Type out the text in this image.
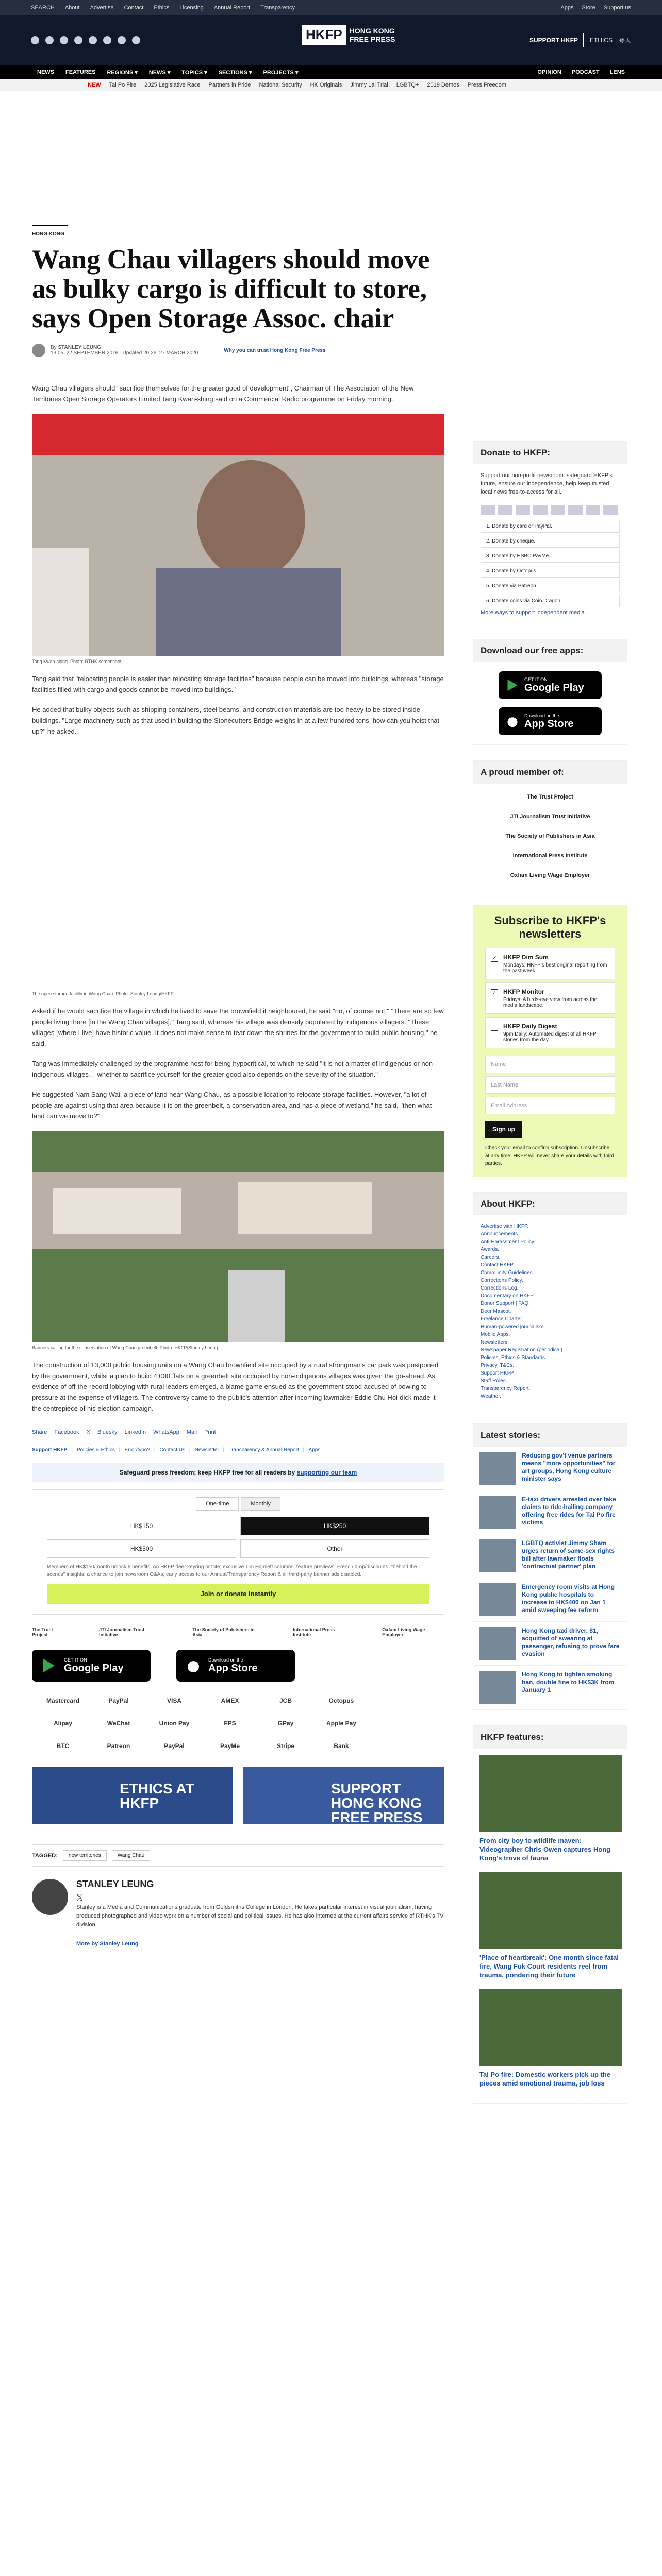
SEARCH About Advertise Contact Ethics Licensing Annual Report Transparency	Apps Store Support us
HKFP	HONG KONG
FREE PRESS	SUPPORT HKFP	ETHICS 登入
NEWS FEATURES REGIONS ▾ NEWS ▾ TOPICS ▾ SECTIONS ▾ PROJECTS ▾	OPINION PODCAST LENS
NEW Tai Po Fire 2025 Legislative Race Partners in Pride National Security HK Originals Jimmy Lai Trial LGBTQ+ 2019 Demos Press Freedom
HONG KONG
Wang Chau villagers should move as bulky cargo is difficult to store, says Open Storage Assoc. chair
By STANLEY LEUNG
13:05, 22 SEPTEMBER 2016 Updated 20:26, 27 MARCH 2020	Why you can trust Hong Kong Free Press

Wang Chau villagers should "sacrifice themselves for the greater good of development", Chairman of The Association of the New Territories Open Storage Operators Limited Tang Kwan-shing said on a Commercial Radio programme on Friday morning.

Tang Kwan-shing. Photo: RTHK screenshot.

Tang said that "relocating people is easier than relocating storage facilities" because people can be moved into buildings, whereas "storage facilities filled with cargo and goods cannot be moved into buildings."

He added that bulky objects such as shipping containers, steel beams, and construction materials are too heavy to be stored inside buildings. "Large machinery such as that used in building the Stonecutters Bridge weighs in at a few hundred tons, how can you hoist that up?" he asked.

The open storage facility in Wang Chau. Photo: Stanley Leung/HKFP.

Asked if he would sacrifice the village in which he lived to save the brownfield it neighboured, he said "no, of course not." "There are so few people living there [in the Wang Chau villages]," Tang said, whereas his village was densely populated by indigenous villagers. "These villages [where I live] have historic value. It does not make sense to tear down the shrines for the government to build public housing," he said.

Tang was immediately challenged by the programme host for being hypocritical, to which he said "it is not a matter of indigenous or non-indigenous villages… whether to sacrifice yourself for the greater good also depends on the severity of the situation."

He suggested Nam Sang Wai, a piece of land near Wang Chau, as a possible location to relocate storage facilities. However, "a lot of people are against using that area because it is on the greenbelt, a conservation area, and has a piece of wetland," he said, "then what land can we move to?"

Banners calling for the conservation of Wang Chau greenbelt. Photo: HKFP/Stanley Leung.

The construction of 13,000 public housing units on a Wang Chau brownfield site occupied by a rural strongman's car park was postponed by the government, whilst a plan to build 4,000 flats on a greenbelt site occupied by non-indigenous villages was given the go-ahead. As evidence of off-the-record lobbying with rural leaders emerged, a blame game ensued as the government stood accused of bowing to pressure at the expense of villagers. The controversy came to the public's attention after incoming lawmaker Eddie Chu Hoi-dick made it the centrepiece of his election campaign.

Share Facebook X Bluesky LinkedIn WhatsApp Mail Print
Support HKFP | Policies & Ethics | Error/typo? | Contact Us | Newsletter | Transparency & Annual Report | Apps
Safeguard press freedom; keep HKFP free for all readers by supporting our team
One-time	Monthly
HK$150	HK$250
HK$500	Other
Members of HK$150/month unlock 6 benefits: An HKFP deer keyring or tote; exclusive Tim Hamlett columns; feature previews; French drop/discounts; "behind the scenes" insights; a chance to join newsroom Q&As; early access to our Annual/Transparency Report & all third-party banner ads disabled.
Join or donate instantly
The Trust Project
JTI Journalism Trust Initiative
The Society of Publishers in Asia
International Press Institute
Oxfam Living Wage Employer
GET IT ON
Google Play
Download on the
App Store
Mastercard	PayPal	VISA	AMEX	JCB	Octopus
Alipay	WeChat	Union Pay	FPS	GPay	Apple Pay
BTC	Patreon	PayPal	PayMe	Stripe	Bank
ETHICS AT HKFP
SUPPORT HONG KONG FREE PRESS
TAGGED:	new territories	Wang Chau
STANLEY LEUNG
𝕏

Stanley is a Media and Communications graduate from Goldsmiths College in London. He takes particular interest in visual journalism, having produced photographed and video work on a number of social and political issues. He has also interned at the current affairs service of RTHK's TV division.

More by Stanley Leung
Donate to HKFP:

Support our non-profit newsroom: safeguard HKFP's future, ensure our independence, help keep trusted local news free-to-access for all.

1. Donate by card or PayPal.
2. Donate by cheque.
3. Donate by HSBC PayMe.
4. Donate by Octopus.
5. Donate via Patreon.
6. Donate coins via Coin Dragon.
More ways to support independent media.
Download our free apps:
GET IT ON
Google Play
Download on the
App Store
A proud member of:
The Trust Project
JTI Journalism Trust Initiative
The Society of Publishers in Asia
International Press Institute
Oxfam Living Wage Employer
Subscribe to HKFP's newsletters
✓ HKFP Dim Sum
Mondays: HKFP's best original reporting from the past week.
✓ HKFP Monitor
Fridays: A birds-eye view from across the media landscape.
HKFP Daily Digest
9pm Daily: Automated digest of all HKFP stories from the day.
Name
Last Name
Email Address
Sign up
Check your email to confirm subscription. Unsubscribe at any time. HKFP will never share your details with third parties.
About HKFP:
Advertise with HKFP.
Announcements.
Anti-Harassment Policy.
Awards.
Careers.
Contact HKFP.
Community Guidelines.
Corrections Policy.
Corrections Log.
Documentary on HKFP.
Donor Support | FAQ.
Deer Mascot.
Freelance Charter.
Human-powered journalism.
Mobile Apps.
Newsletters.
Newspaper Registration (periodical).
Policies, Ethics & Standards.
Privacy, T&Cs.
Support HKFP.
Staff Roles.
Transparency Report.
Weather.
Latest stories:
Reducing gov't venue partners means "more opportunities" for art groups, Hong Kong culture minister says
E-taxi drivers arrested over fake claims to ride-hailing company offering free rides for Tai Po fire victims
LGBTQ activist Jimmy Sham urges return of same-sex rights bill after lawmaker floats 'contractual partner' plan
Emergency room visits at Hong Kong public hospitals to increase to HK$400 on Jan 1 amid sweeping fee reform
Hong Kong taxi driver, 81, acquitted of swearing at passenger, refusing to prove fare evasion
Hong Kong to tighten smoking ban, double fine to HK$3K from January 1
HKFP features:
From city boy to wildlife maven: Videographer Chris Owen captures Hong Kong's trove of fauna
'Place of heartbreak': One month since fatal fire, Wang Fuk Court residents reel from trauma, pondering their future
Tai Po fire: Domestic workers pick up the pieces amid emotional trauma, job loss
